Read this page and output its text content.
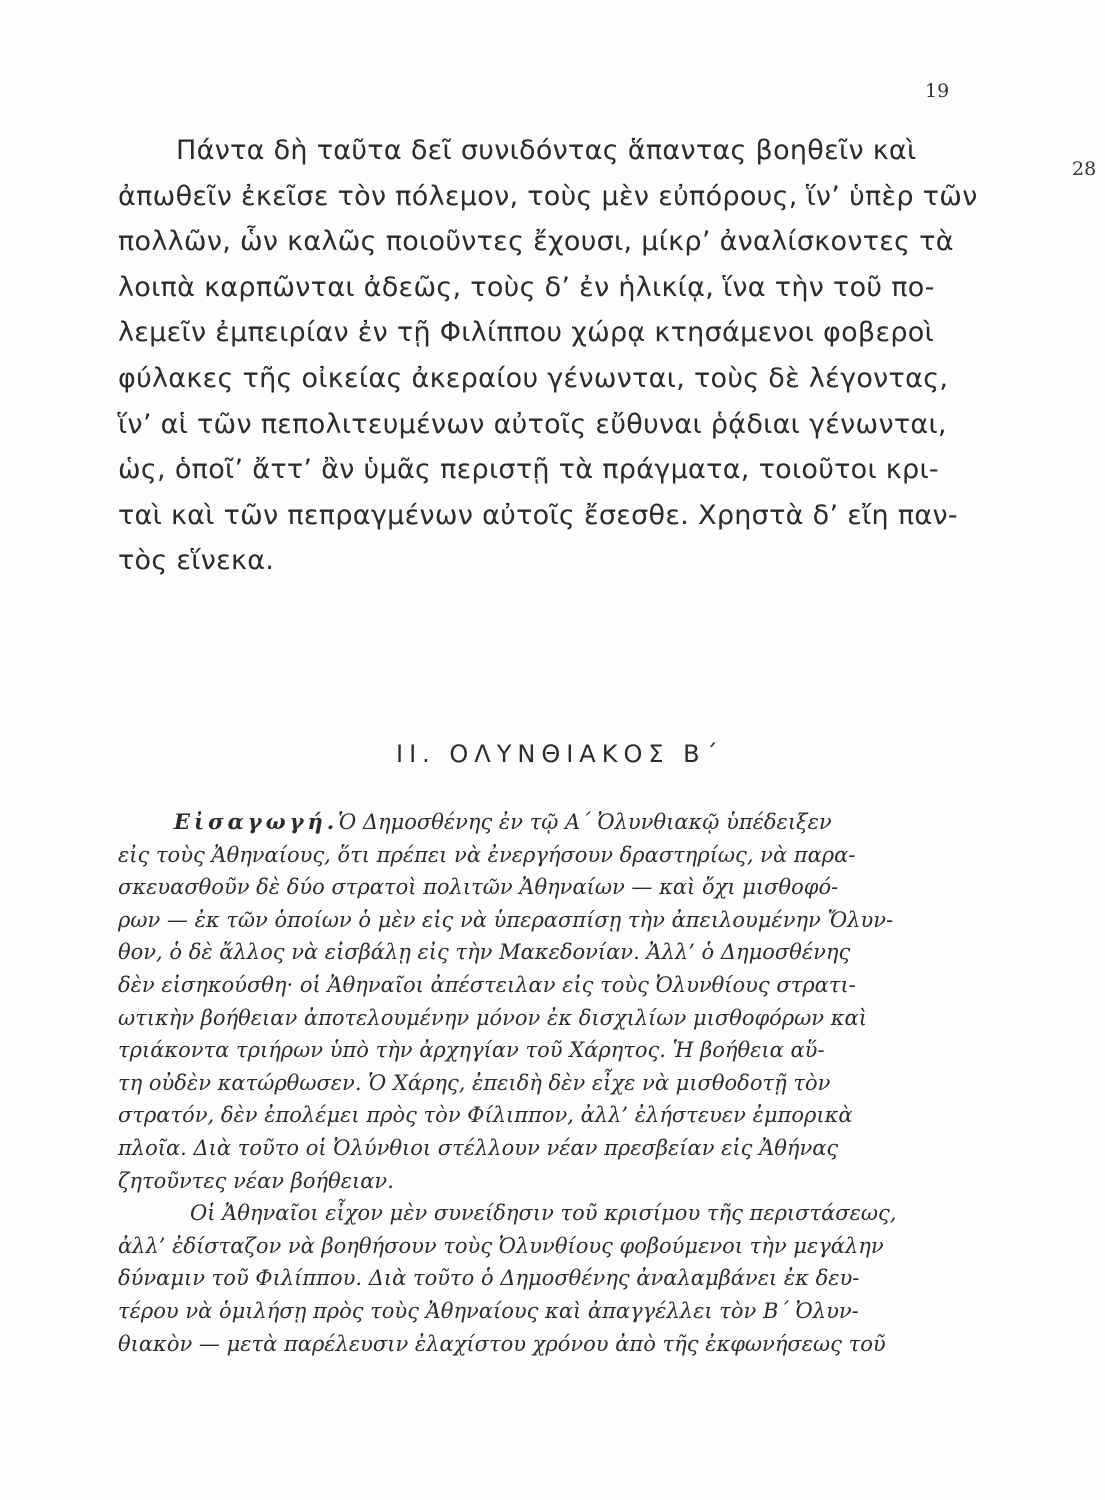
19
28
Πάντα δὴ ταῦτα δεῖ συνιδόντας ἅπαντας βοηθεῖν καὶ
ἀπωθεῖν ἐκεῖσε τὸν πόλεμον, τοὺς μὲν εὐπόρους, ἵν’ ὑπὲρ τῶν
πολλῶν, ὧν καλῶς ποιοῦντες ἔχουσι, μίκρ’ ἀναλίσκοντες τὰ
λοιπὰ καρπῶνται ἀδεῶς, τοὺς δ’ ἐν ἡλικίᾳ, ἵνα τὴν τοῦ πο-
λεμεῖν ἐμπειρίαν ἐν τῇ Φιλίππου χώρᾳ κτησάμενοι φοβεροὶ
φύλακες τῆς οἰκείας ἀκεραίου γένωνται, τοὺς δὲ λέγοντας,
ἵν’ αἱ τῶν πεπολιτευμένων αὐτοῖς εὔθυναι ῥᾴδιαι γένωνται,
ὡς, ὁποῖ’ ἄττ’ ἂν ὑμᾶς περιστῇ τὰ πράγματα, τοιοῦτοι κρι-
ταὶ καὶ τῶν πεπραγμένων αὐτοῖς ἔσεσθε. Χρηστὰ δ’ εἴη παν-
τὸς εἵνεκα.
II. ΟΛΥΝΘΙΑΚΟΣ Β΄
Εἰσαγωγή.Ὁ Δημοσθένης ἐν τῷ Α΄ Ὀλυνθιακῷ ὑπέδειξεν
εἰς τοὺς Ἀθηναίους, ὅτι πρέπει νὰ ἐνεργήσουν δραστηρίως, νὰ παρα-
σκευασθοῦν δὲ δύο στρατοὶ πολιτῶν Ἀθηναίων — καὶ ὄχι μισθοφό-
ρων — ἐκ τῶν ὁποίων ὁ μὲν εἰς νὰ ὑπερασπίσῃ τὴν ἀπειλουμένην Ὄλυν-
θον, ὁ δὲ ἄλλος νὰ εἰσβάλῃ εἰς τὴν Μακεδονίαν. Ἀλλ’ ὁ Δημοσθένης
δὲν εἰσηκούσθη· οἱ Ἀθηναῖοι ἀπέστειλαν εἰς τοὺς Ὀλυνθίους στρατι-
ωτικὴν βοήθειαν ἀποτελουμένην μόνον ἐκ δισχιλίων μισθοφόρων καὶ
τριάκοντα τριήρων ὑπὸ τὴν ἀρχηγίαν τοῦ Χάρητος. Ἡ βοήθεια αὕ-
τη οὐδὲν κατώρθωσεν. Ὁ Χάρης, ἐπειδὴ δὲν εἶχε νὰ μισθοδοτῇ τὸν
στρατόν, δὲν ἐπολέμει πρὸς τὸν Φίλιππον, ἀλλ’ ἐλήστευεν ἐμπορικὰ
πλοῖα. Διὰ τοῦτο οἱ Ὀλύνθιοι στέλλουν νέαν πρεσβείαν εἰς Ἀθήνας
ζητοῦντες νέαν βοήθειαν.
Οἱ Ἀθηναῖοι εἶχον μὲν συνείδησιν τοῦ κρισίμου τῆς περιστάσεως,
ἀλλ’ ἐδίσταζον νὰ βοηθήσουν τοὺς Ὀλυνθίους φοβούμενοι τὴν μεγάλην
δύναμιν τοῦ Φιλίππου. Διὰ τοῦτο ὁ Δημοσθένης ἀναλαμβάνει ἐκ δευ-
τέρου νὰ ὁμιλήσῃ πρὸς τοὺς Ἀθηναίους καὶ ἀπαγγέλλει τὸν Β΄ Ὀλυν-
θιακὸν — μετὰ παρέλευσιν ἐλαχίστου χρόνου ἀπὸ τῆς ἐκφωνήσεως τοῦ
